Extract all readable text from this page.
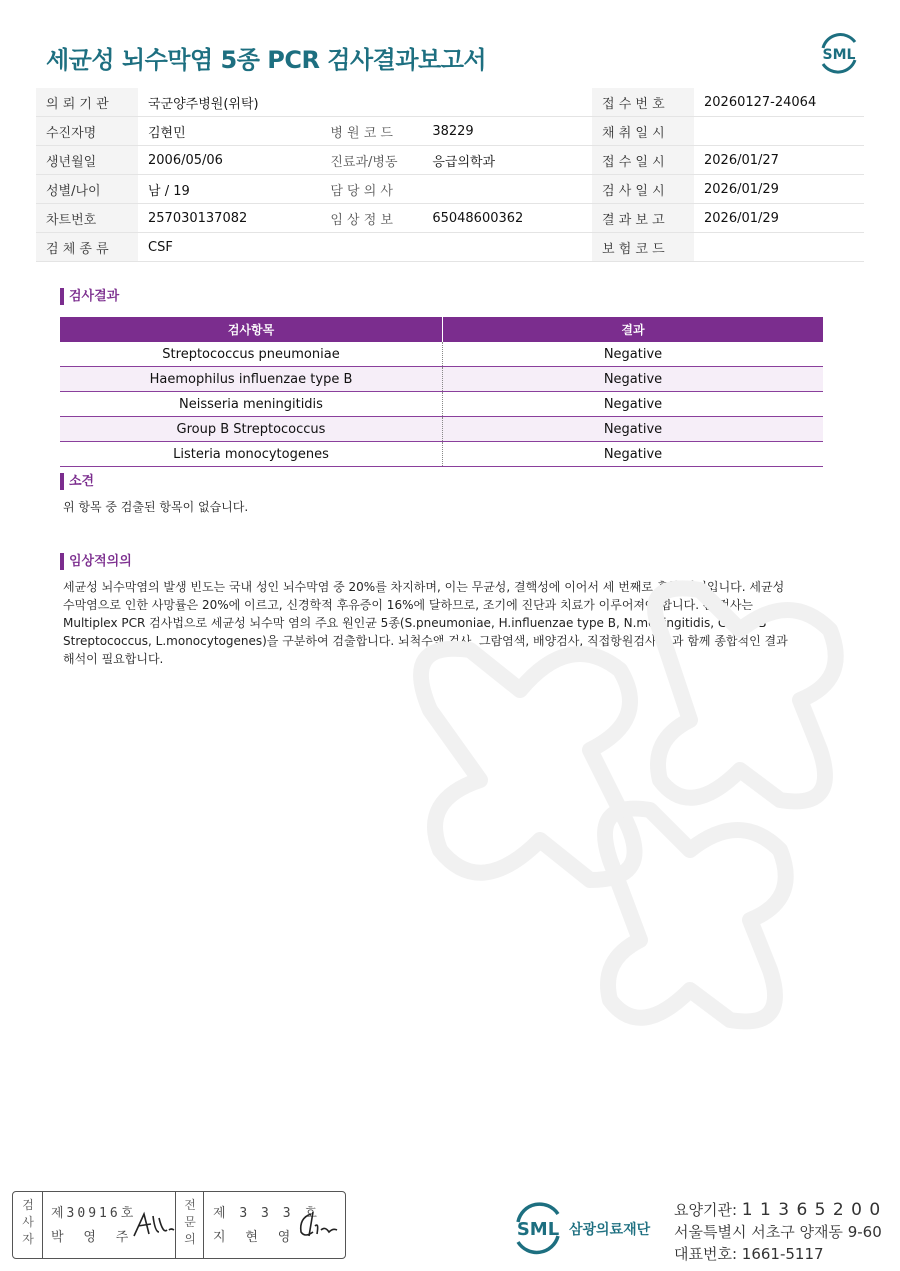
세균성 뇌수막염 5종 PCR 검사결과보고서	SML
의 뢰 기 관	국군양주병원(위탁)			접 수 번 호	20260127-24064
수진자명	김현민	병 원 코 드	38229	채 취 일 시	
생년월일	2006/05/06	진료과/병동	응급의학과	접 수 일 시	2026/01/27
성별/나이	남 / 19	담 당 의 사		검 사 일 시	2026/01/29
차트번호	257030137082	임 상 정 보	65048600362	결 과 보 고	2026/01/29
검 체 종 류	CSF			보 험 코 드	
검사결과
검사항목	결과
Streptococcus pneumoniae	Negative
Haemophilus influenzae type B	Negative
Neisseria meningitidis	Negative
Group B Streptococcus	Negative
Listeria monocytogenes	Negative
소견
위 항목 중 검출된 항목이 없습니다.
임상적의의
세균성 뇌수막염의 발생 빈도는 국내 성인 뇌수막염 중 20%를 차지하며, 이는 무균성, 결핵성에 이어서 세 번째로 흔한 원인입니다. 세균성
수막염으로 인한 사망률은 20%에 이르고, 신경학적 후유증이 16%에 달하므로, 조기에 진단과 치료가 이루어져야 합니다. 본 검사는
Multiplex PCR 검사법으로 세균성 뇌수막 염의 주요 원인균 5종(S.pneumoniae, H.influenzae type B, N.meningitidis, Group B
Streptococcus, L.monocytogenes)을 구분하여 검출합니다. 뇌척수액 검사, 그람염색, 배양검사, 직접항원검사 등과 함께 종합적인 결과
해석이 필요합니다.
검
사
자
제30916호
박 영 주
전
문
의
제 3 3 3 호
지 현 영	SML 삼광의료재단
요양기관: 1 1 3 6 5 2 0 0
서울특별시 서초구 양재동 9-60
대표번호: 1661-5117
